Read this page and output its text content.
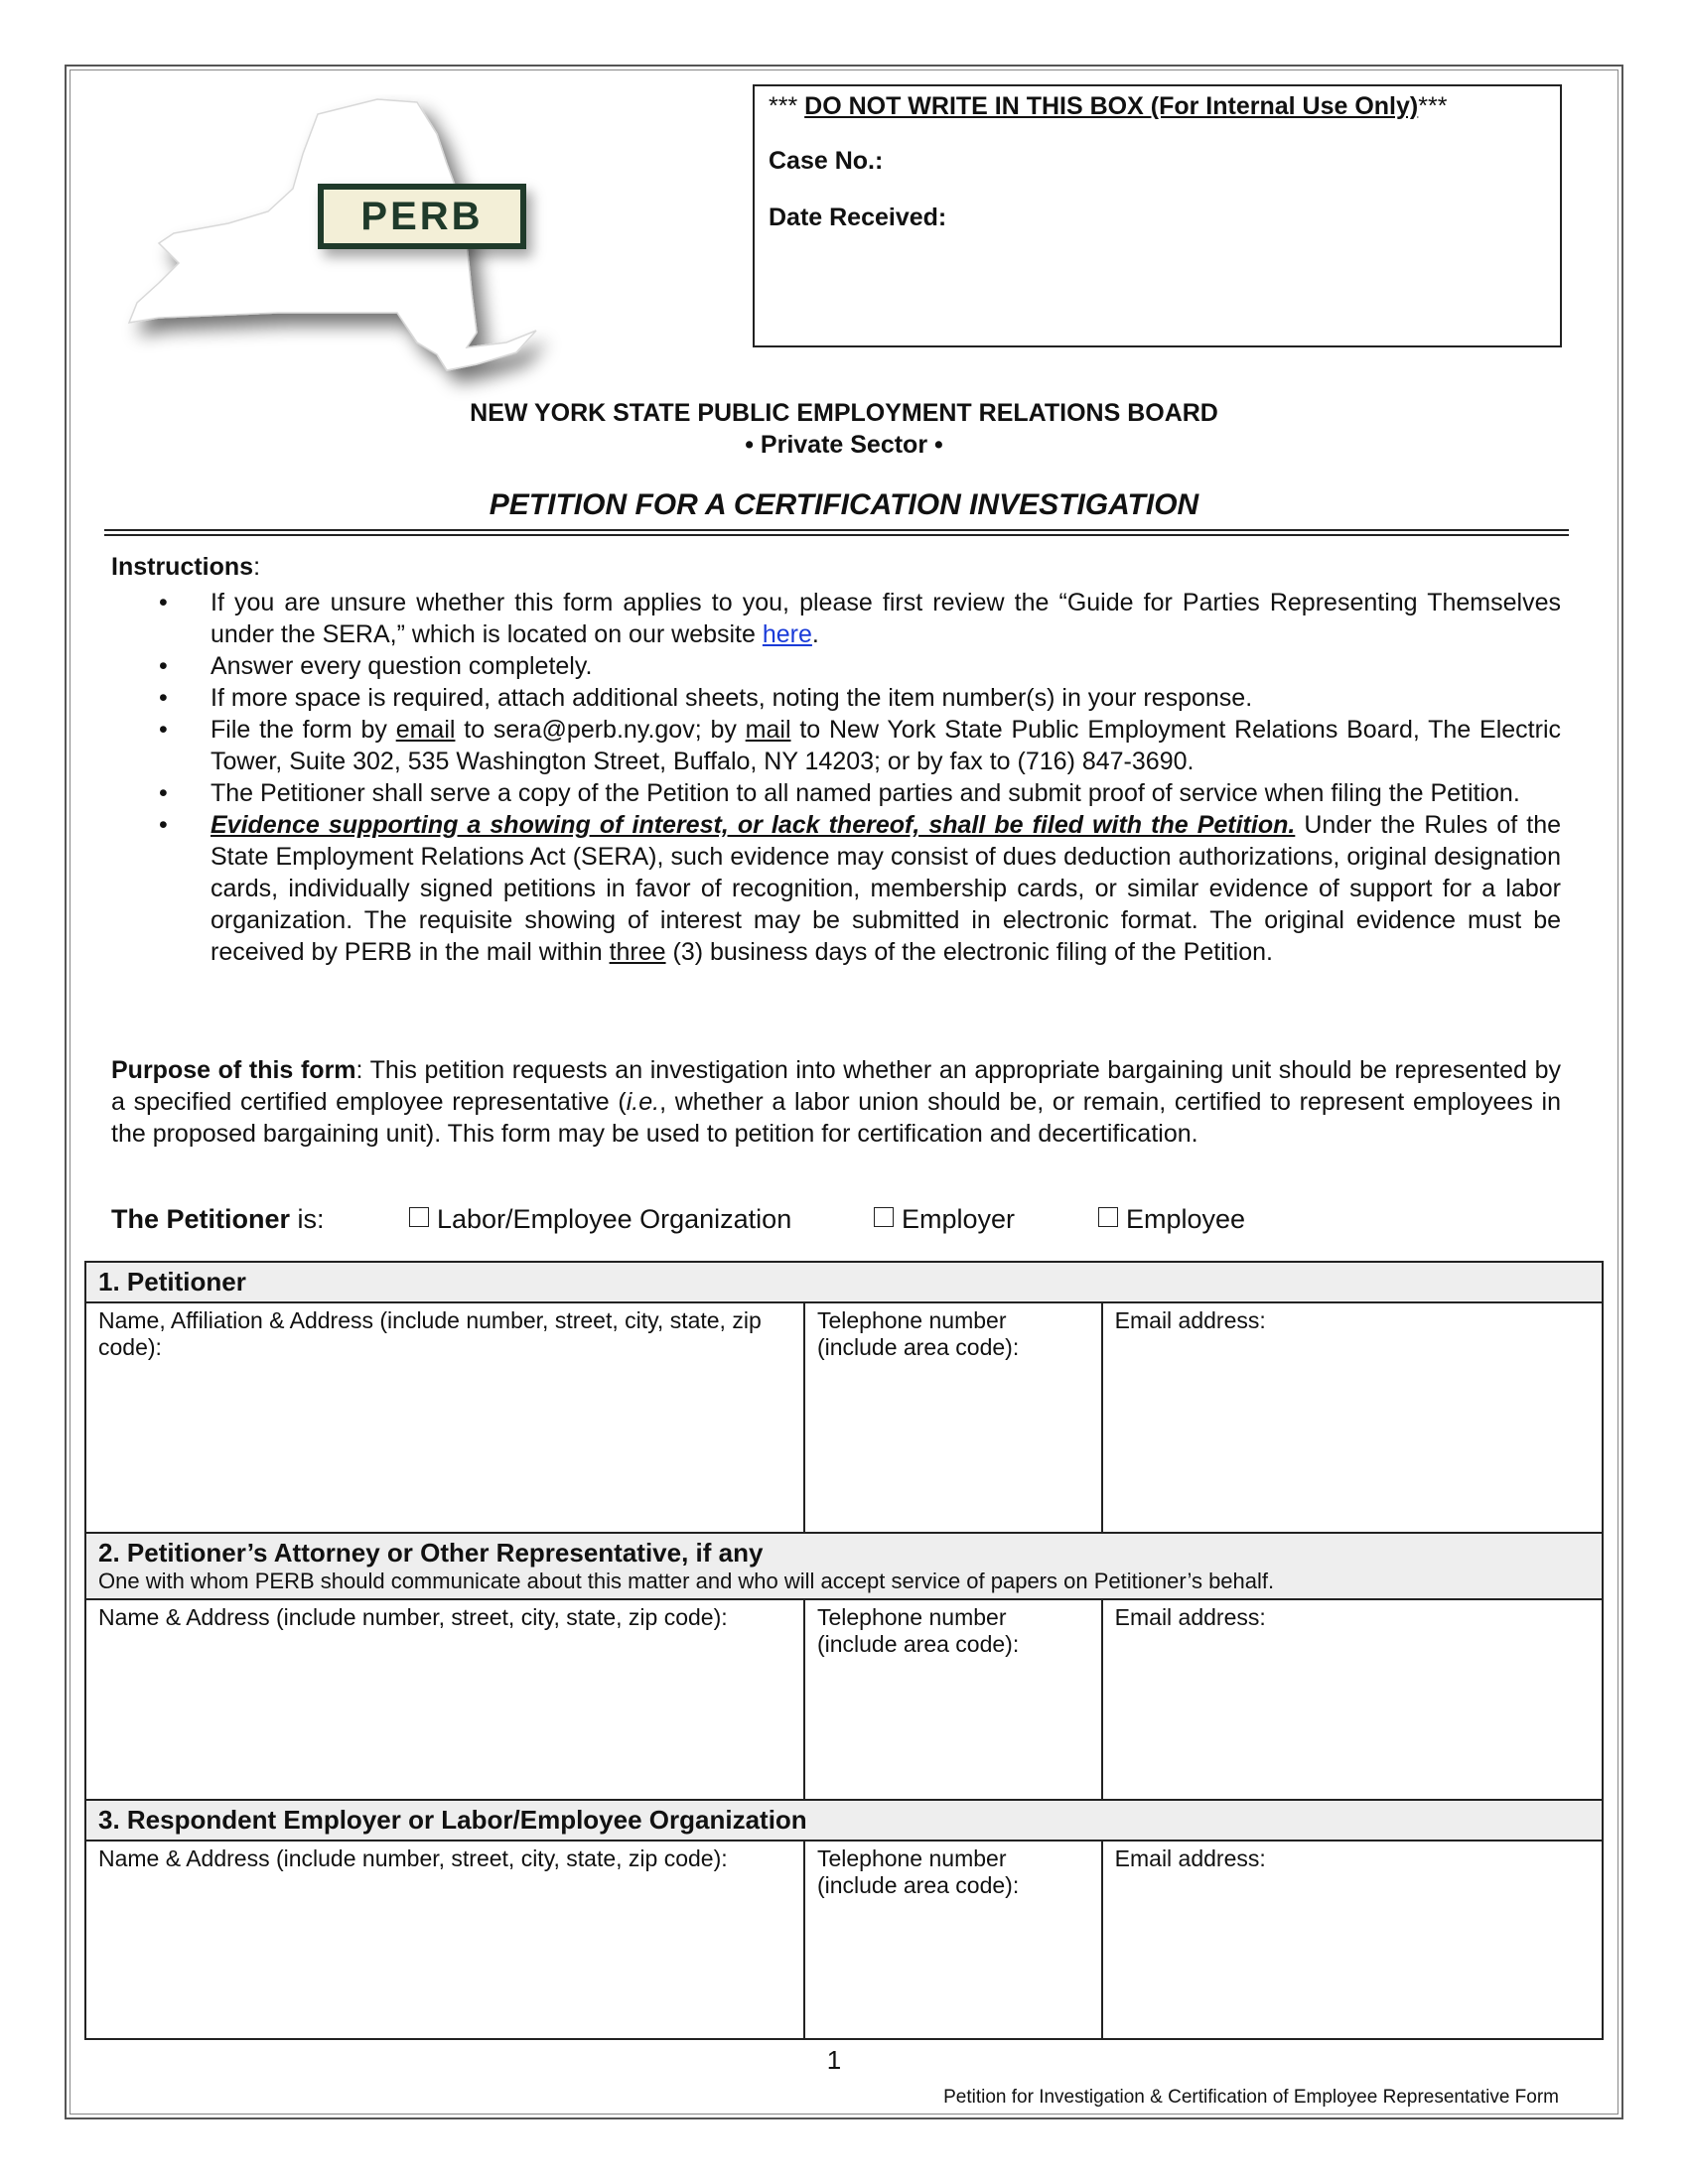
PERB
*** DO NOT WRITE IN THIS BOX (For Internal Use Only)***
Case No.:
Date Received:
NEW YORK STATE PUBLIC EMPLOYMENT RELATIONS BOARD
• Private Sector •
PETITION FOR A CERTIFICATION INVESTIGATION
Instructions:
• If you are unsure whether this form applies to you, please first review the “Guide for Parties Representing Themselves under the SERA,” which is located on our website here.
• Answer every question completely.
• If more space is required, attach additional sheets, noting the item number(s) in your response.
• File the form by email to sera@perb.ny.gov; by mail to New York State Public Employment Relations Board, The Electric Tower, Suite 302, 535 Washington Street, Buffalo, NY 14203; or by fax to (716) 847-3690.
• The Petitioner shall serve a copy of the Petition to all named parties and submit proof of service when filing the Petition.
• Evidence supporting a showing of interest, or lack thereof, shall be filed with the Petition. Under the Rules of the State Employment Relations Act (SERA), such evidence may consist of dues deduction authorizations, original designation cards, individually signed petitions in favor of recognition, membership cards, or similar evidence of support for a labor organization. The requisite showing of interest may be submitted in electronic format. The original evidence must be received by PERB in the mail within three (3) business days of the electronic filing of the Petition.
Purpose of this form: This petition requests an investigation into whether an appropriate bargaining unit should be represented by a specified certified employee representative (i.e., whether a labor union should be, or remain, certified to represent employees in the proposed bargaining unit). This form may be used to petition for certification and decertification.
The Petitioner is:	Labor/Employee Organization	Employer	Employee
1. Petitioner		
Name, Affiliation & Address (include number, street, city, state, zip code):	Telephone number (include area code):	Email address:
2. Petitioner’s Attorney or Other Representative, if any
One with whom PERB should communicate about this matter and who will accept service of papers on Petitioner’s behalf.		

Name & Address (include number, street, city, state, zip code):	Telephone number (include area code):	Email address:
3. Respondent Employer or Labor/Employee Organization		
Name & Address (include number, street, city, state, zip code):	Telephone number (include area code):	Email address:
1
Petition for Investigation & Certification of Employee Representative Form
